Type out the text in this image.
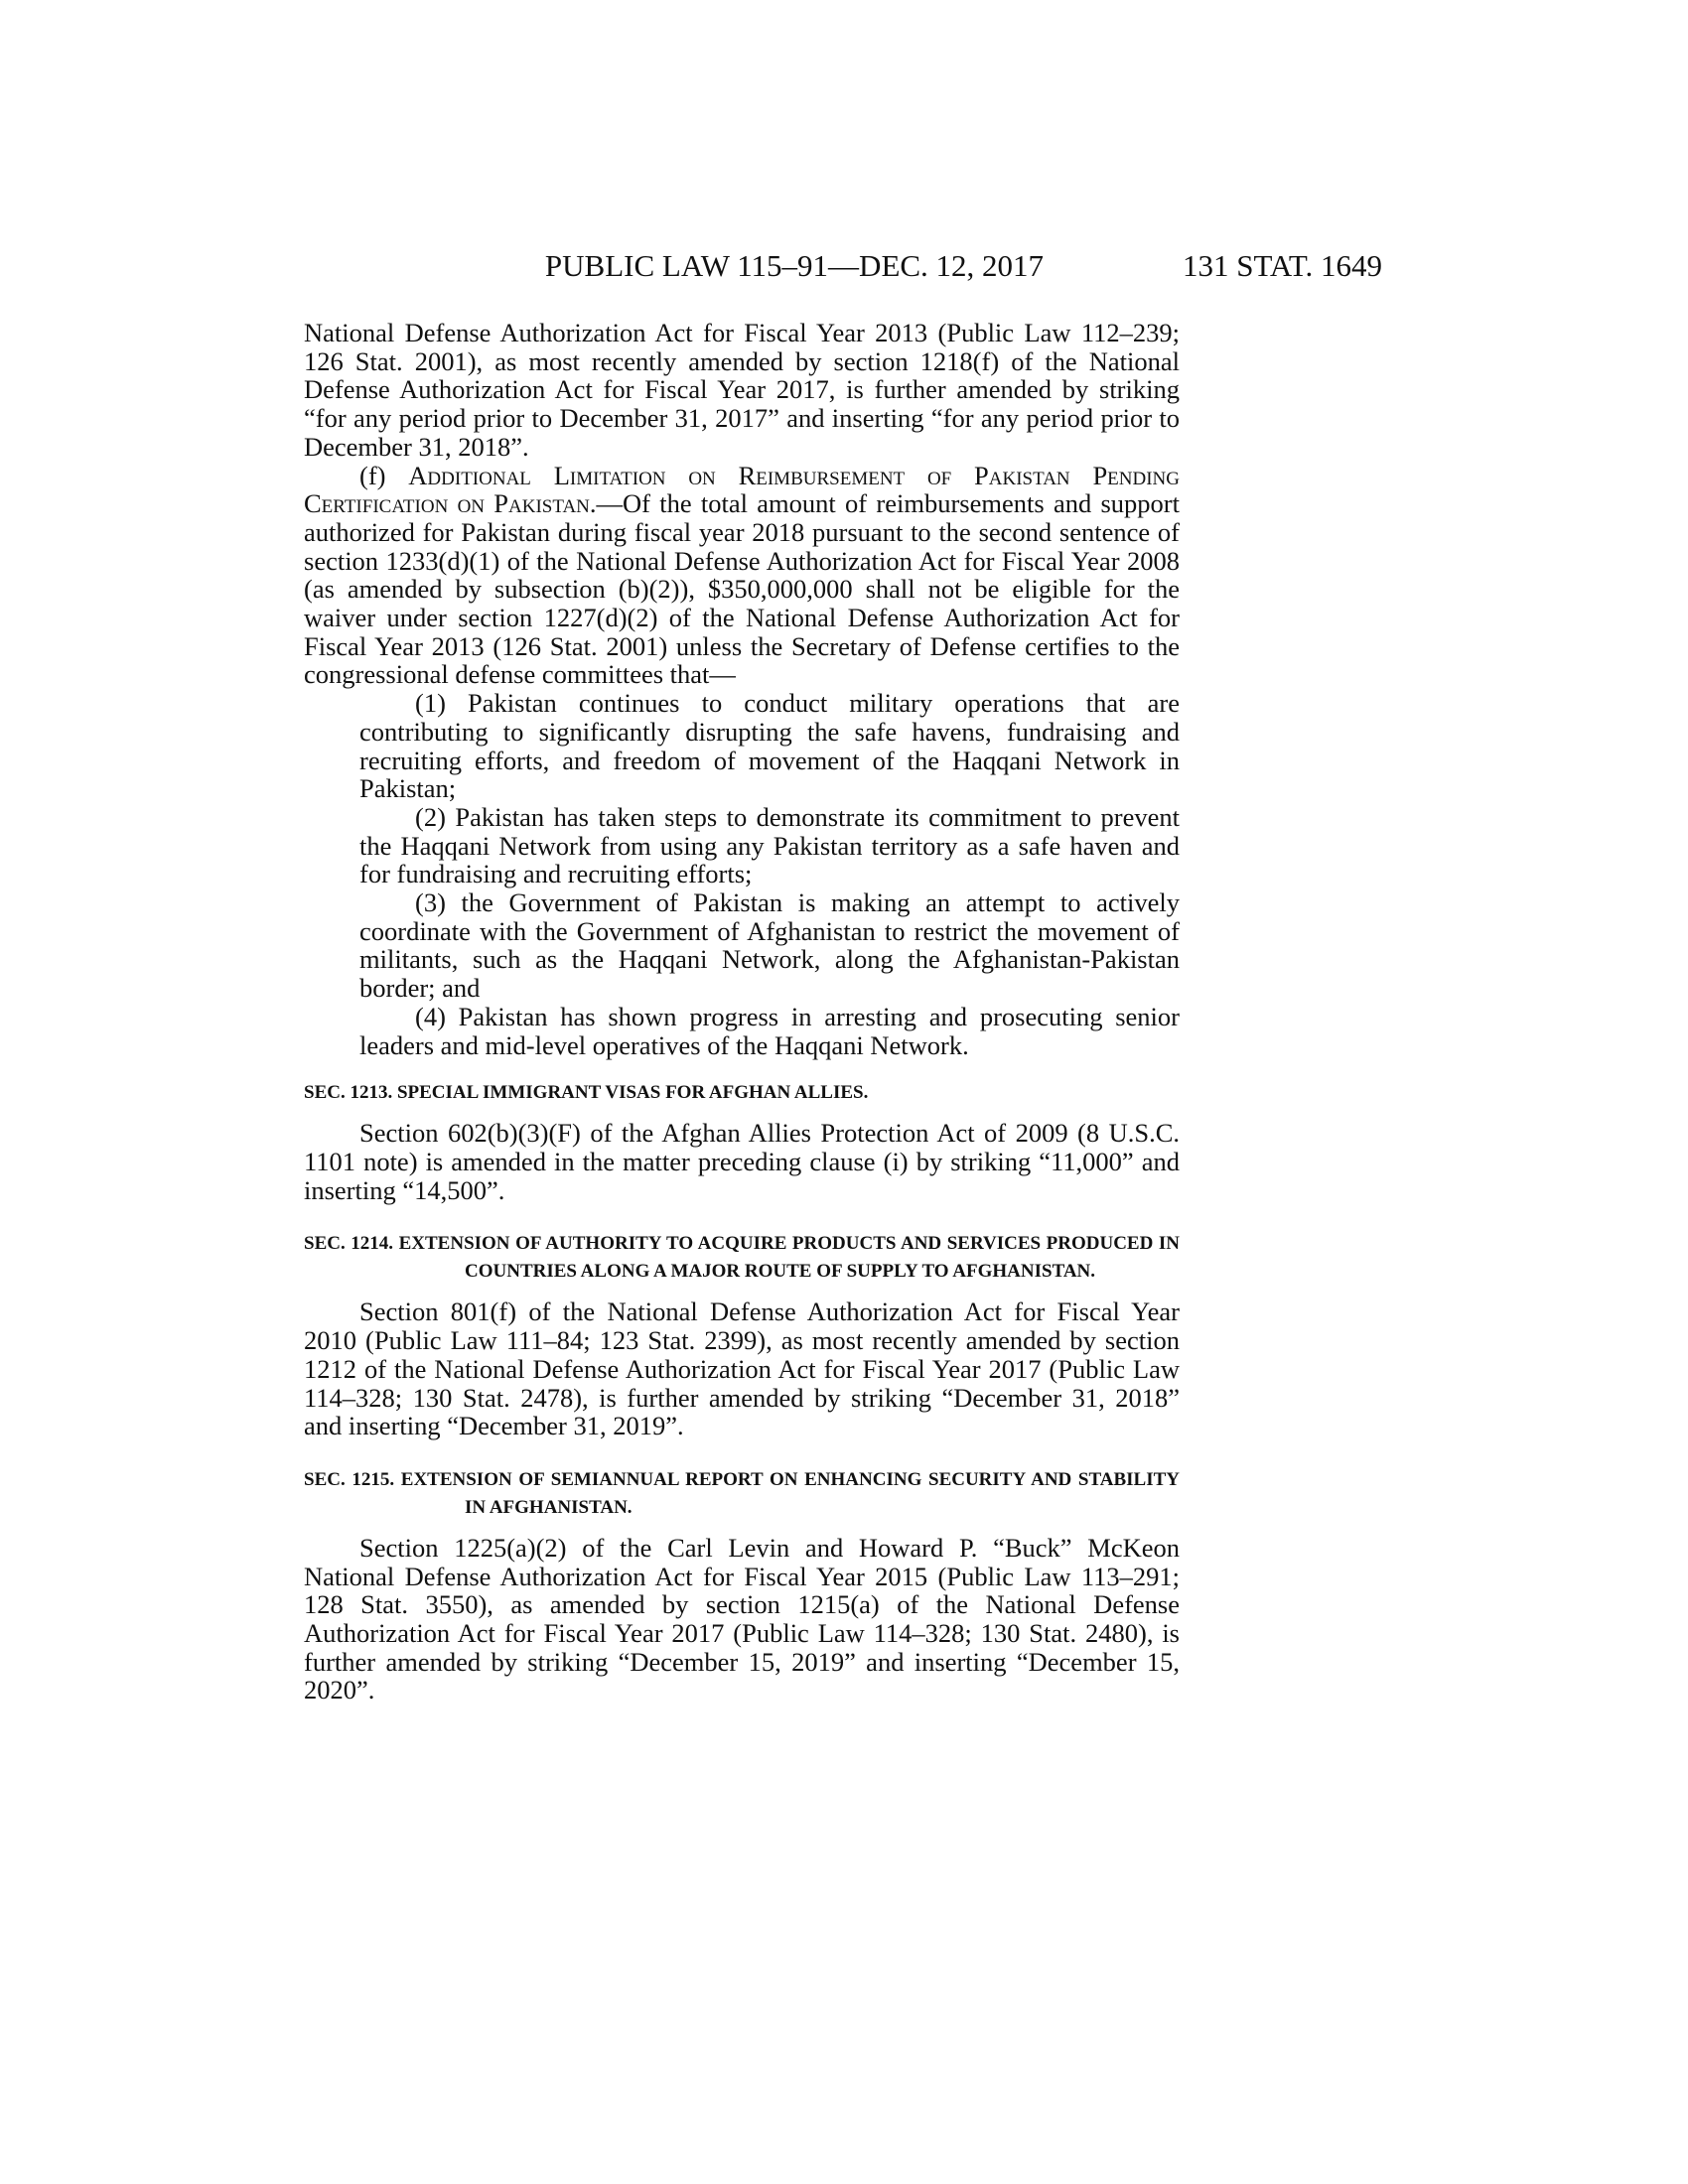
PUBLIC LAW 115–91—DEC. 12, 2017	131 STAT. 1649

National Defense Authorization Act for Fiscal Year 2013 (Public Law 112–239; 126 Stat. 2001), as most recently amended by section 1218(f) of the National Defense Authorization Act for Fiscal Year 2017, is further amended by striking “for any period prior to December 31, 2017” and inserting “for any period prior to December 31, 2018”.

(f) Additional Limitation on Reimbursement of Pakistan Pending Certification on Pakistan.—Of the total amount of reimbursements and support authorized for Pakistan during fiscal year 2018 pursuant to the second sentence of section 1233(d)(1) of the National Defense Authorization Act for Fiscal Year 2008 (as amended by subsection (b)(2)), $350,000,000 shall not be eligible for the waiver under section 1227(d)(2) of the National Defense Authorization Act for Fiscal Year 2013 (126 Stat. 2001) unless the Secretary of Defense certifies to the congressional defense committees that—

(1) Pakistan continues to conduct military operations that are contributing to significantly disrupting the safe havens, fundraising and recruiting efforts, and freedom of movement of the Haqqani Network in Pakistan;

(2) Pakistan has taken steps to demonstrate its commitment to prevent the Haqqani Network from using any Pakistan territory as a safe haven and for fundraising and recruiting efforts;

(3) the Government of Pakistan is making an attempt to actively coordinate with the Government of Afghanistan to restrict the movement of militants, such as the Haqqani Network, along the Afghanistan-Pakistan border; and

(4) Pakistan has shown progress in arresting and prosecuting senior leaders and mid-level operatives of the Haqqani Network.

SEC. 1213. SPECIAL IMMIGRANT VISAS FOR AFGHAN ALLIES.

Section 602(b)(3)(F) of the Afghan Allies Protection Act of 2009 (8 U.S.C. 1101 note) is amended in the matter preceding clause (i) by striking “11,000” and inserting “14,500”.

SEC. 1214. EXTENSION OF AUTHORITY TO ACQUIRE PRODUCTS AND SERVICES PRODUCED IN COUNTRIES ALONG A MAJOR ROUTE OF SUPPLY TO AFGHANISTAN.

Section 801(f) of the National Defense Authorization Act for Fiscal Year 2010 (Public Law 111–84; 123 Stat. 2399), as most recently amended by section 1212 of the National Defense Authorization Act for Fiscal Year 2017 (Public Law 114–328; 130 Stat. 2478), is further amended by striking “December 31, 2018” and inserting “December 31, 2019”.

SEC. 1215. EXTENSION OF SEMIANNUAL REPORT ON ENHANCING SECURITY AND STABILITY IN AFGHANISTAN.

Section 1225(a)(2) of the Carl Levin and Howard P. “Buck” McKeon National Defense Authorization Act for Fiscal Year 2015 (Public Law 113–291; 128 Stat. 3550), as amended by section 1215(a) of the National Defense Authorization Act for Fiscal Year 2017 (Public Law 114–328; 130 Stat. 2480), is further amended by striking “December 15, 2019” and inserting “December 15, 2020”.
